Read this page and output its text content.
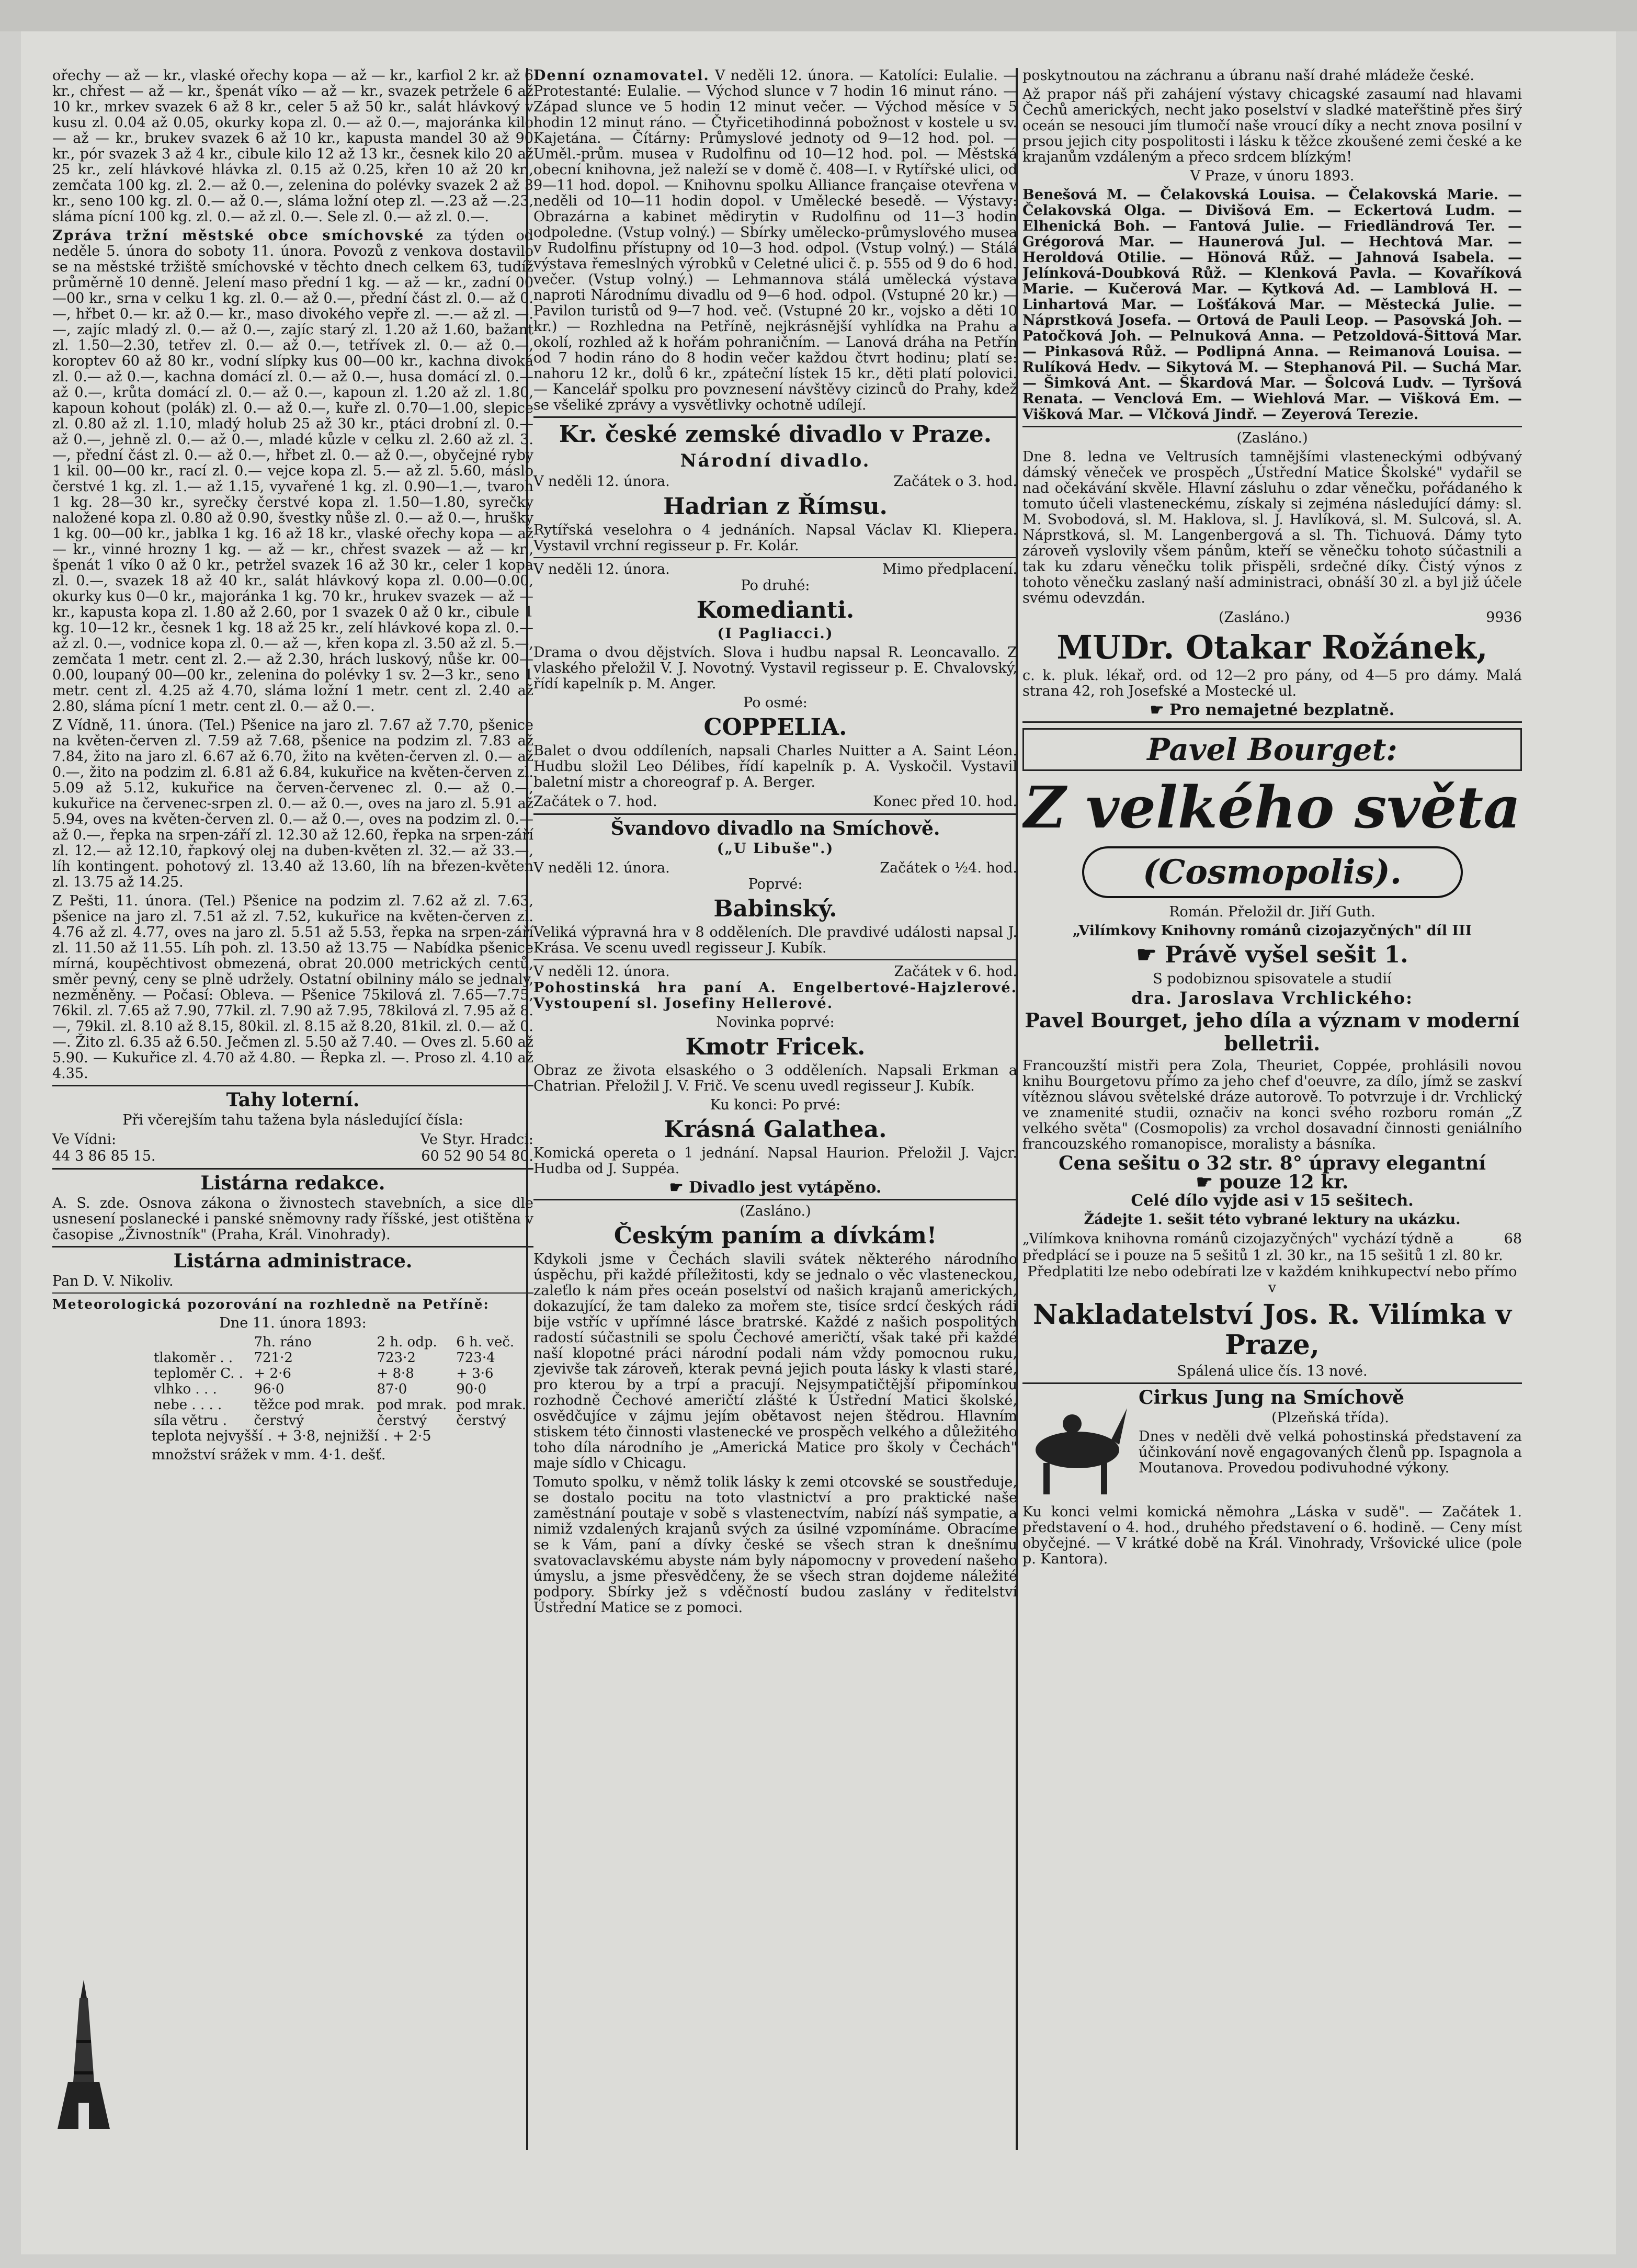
ořechy — až — kr., vlaské ořechy kopa — až — kr., karfiol 2 kr. až 6 kr., chřest — až — kr., špenát víko — až — kr., svazek petržele 6 až 10 kr., mrkev svazek 6 až 8 kr., celer 5 až 50 kr., salát hlávkový v kusu zl. 0.04 až 0.05, okurky kopa zl. 0.— až 0.—, majoránka kilo — až — kr., brukev svazek 6 až 10 kr., kapusta mandel 30 až 90 kr., pór svazek 3 až 4 kr., cibule kilo 12 až 13 kr., česnek kilo 20 až 25 kr., zelí hlávkové hlávka zl. 0.15 až 0.25, křen 10 až 20 kr., zemčata 100 kg. zl. 2.— až 0.—, zelenina do polévky svazek 2 až 3 kr., seno 100 kg. zl. 0.— až 0.—, sláma ložní otep zl. —.23 až —.23, sláma pícní 100 kg. zl. 0.— až zl. 0.—. Sele zl. 0.— až zl. 0.—.

Zpráva tržní městské obce smíchovské za týden od neděle 5. února do soboty 11. února. Povozů z venkova dostavilo se na městské tržiště smíchovské v těchto dnech celkem 63, tudíž průměrně 10 denně. Jelení maso přední 1 kg. — až — kr., zadní 00—00 kr., srna v celku 1 kg. zl. 0.— až 0.—, přední část zl. 0.— až 0.—, hřbet 0.— kr. až 0.— kr., maso divokého vepře zl. —.— až zl. —.—, zajíc mladý zl. 0.— až 0.—, zajíc starý zl. 1.20 až 1.60, bažant zl. 1.50—2.30, tetřev zl. 0.— až 0.—, tetřívek zl. 0.— až 0.—, koroptev 60 až 80 kr., vodní slípky kus 00—00 kr., kachna divoká zl. 0.— až 0.—, kachna domácí zl. 0.— až 0.—, husa domácí zl. 0.— až 0.—, krůta domácí zl. 0.— až 0.—, kapoun zl. 1.20 až zl. 1.80, kapoun kohout (polák) zl. 0.— až 0.—, kuře zl. 0.70—1.00, slepice zl. 0.80 až zl. 1.10, mladý holub 25 až 30 kr., ptáci drobní zl. 0.— až 0.—, jehně zl. 0.— až 0.—, mladé kůzle v celku zl. 2.60 až zl. 3.—, přední část zl. 0.— až 0.—, hřbet zl. 0.— až 0.—, obyčejné ryby 1 kil. 00—00 kr., rací zl. 0.— vejce kopa zl. 5.— až zl. 5.60, máslo čerstvé 1 kg. zl. 1.— až 1.15, vyvařené 1 kg. zl. 0.90—1.—, tvaroh 1 kg. 28—30 kr., syrečky čerstvé kopa zl. 1.50—1.80, syrečky naložené kopa zl. 0.80 až 0.90, švestky nůše zl. 0.— až 0.—, hrušky 1 kg. 00—00 kr., jablka 1 kg. 16 až 18 kr., vlaské ořechy kopa — až — kr., vinné hrozny 1 kg. — až — kr., chřest svazek — až — kr., špenát 1 víko 0 až 0 kr., petržel svazek 16 až 30 kr., celer 1 kopa zl. 0.—, svazek 18 až 40 kr., salát hlávkový kopa zl. 0.00—0.00, okurky kus 0—0 kr., majoránka 1 kg. 70 kr., hrukev svazek — až — kr., kapusta kopa zl. 1.80 až 2.60, por 1 svazek 0 až 0 kr., cibule 1 kg. 10—12 kr., česnek 1 kg. 18 až 25 kr., zelí hlávkové kopa zl. 0.— až zl. 0.—, vodnice kopa zl. 0.— až —, křen kopa zl. 3.50 až zl. 5.—, zemčata 1 metr. cent zl. 2.— až 2.30, hrách luskový, nůše kr. 00—0.00, loupaný 00—00 kr., zelenina do polévky 1 sv. 2—3 kr., seno 1 metr. cent zl. 4.25 až 4.70, sláma ložní 1 metr. cent zl. 2.40 až 2.80, sláma pícní 1 metr. cent zl. 0.— až 0.—.

Z Vídně, 11. února. (Tel.) Pšenice na jaro zl. 7.67 až 7.70, pšenice na květen-červen zl. 7.59 až 7.68, pšenice na podzim zl. 7.83 až 7.84, žito na jaro zl. 6.67 až 6.70, žito na květen-červen zl. 0.— až 0.—, žito na podzim zl. 6.81 až 6.84, kukuřice na květen-červen zl. 5.09 až 5.12, kukuřice na červen-červenec zl. 0.— až 0.—, kukuřice na červenec-srpen zl. 0.— až 0.—, oves na jaro zl. 5.91 až 5.94, oves na květen-červen zl. 0.— až 0.—, oves na podzim zl. 0.— až 0.—, řepka na srpen-září zl. 12.30 až 12.60, řepka na srpen-září zl. 12.— až 12.10, řapkový olej na duben-květen zl. 32.— až 33.—, líh kontingent. pohotový zl. 13.40 až 13.60, líh na březen-květen zl. 13.75 až 14.25.

Z Pešti, 11. února. (Tel.) Pšenice na podzim zl. 7.62 až zl. 7.63, pšenice na jaro zl. 7.51 až zl. 7.52, kukuřice na květen-červen zl. 4.76 až zl. 4.77, oves na jaro zl. 5.51 až 5.53, řepka na srpen-září zl. 11.50 až 11.55. Líh poh. zl. 13.50 až 13.75 — Nabídka pšenice mírná, koupěchtivost obmezená, obrat 20.000 metrických centů, směr pevný, ceny se plně udržely. Ostatní obilniny málo se jednaly, nezměněny. — Počasí: Obleva. — Pšenice 75kilová zl. 7.65—7.75, 76kil. zl. 7.65 až 7.90, 77kil. zl. 7.90 až 7.95, 78kilová zl. 7.95 až 8.—, 79kil. zl. 8.10 až 8.15, 80kil. zl. 8.15 až 8.20, 81kil. zl. 0.— až 0.—. Žito zl. 6.35 až 6.50. Ječmen zl. 5.50 až 7.40. — Oves zl. 5.60 až 5.90. — Kukuřice zl. 4.70 až 4.80. — Řepka zl. —. Proso zl. 4.10 až 4.35.

Tahy loterní.

Při včerejším tahu tažena byla následující čísla:

Ve Vídni:	Ve Styr. Hradci:
44 3 86 85 15.	60 52 90 54 80.
Listárna redakce.

A. S. zde. Osnova zákona o živnostech stavebních, a sice dle usnesení poslanecké i panské sněmovny rady říšské, jest otištěna v časopise „Živnostník" (Praha, Král. Vinohrady).

Listárna administrace.

Pan D. V. Nikoliv.

Meteorologická pozorování na rozhledně na Petříně:

Dne 11. února 1893:

	7h. ráno	2 h. odp.	6 h. več.
tlakoměr . .	721·2	723·2	723·4
teploměr C. .	+ 2·6	+ 8·8	+ 3·6
vlhko . . .	96·0	87·0	90·0
nebe . . . .	těžce pod mrak.	pod mrak.	pod mrak.
síla větru .	čerstvý	čerstvý	čerstvý

teplota nejvyšší . + 3·8, nejnižší . + 2·5

množství srážek v mm. 4·1. dešť.

Denní oznamovatel. V neděli 12. února. — Katolíci: Eulalie. — Protestanté: Eulalie. — Východ slunce v 7 hodin 16 minut ráno. — Západ slunce ve 5 hodin 12 minut večer. — Východ měsíce v 5 hodin 12 minut ráno. — Čtyřicetihodinná pobožnost v kostele u sv. Kajetána. — Čítárny: Průmyslové jednoty od 9—12 hod. pol. — Uměl.-prům. musea v Rudolfinu od 10—12 hod. pol. — Městská obecní knihovna, jež naleží se v domě č. 408—I. v Rytířské ulici, od 9—11 hod. dopol. — Knihovnu spolku Alliance française otevřena v neděli od 10—11 hodin dopol. v Umělecké besedě. — Výstavy: Obrazárna a kabinet mědirytin v Rudolfinu od 11—3 hodin odpoledne. (Vstup volný.) — Sbírky umělecko-průmyslového musea v Rudolfinu přístupny od 10—3 hod. odpol. (Vstup volný.) — Stálá výstava řemeslných výrobků v Celetné ulici č. p. 555 od 9 do 6 hod. večer. (Vstup volný.) — Lehmannova stálá umělecká výstava naproti Národnímu divadlu od 9—6 hod. odpol. (Vstupné 20 kr.) — Pavilon turistů od 9—7 hod. več. (Vstupné 20 kr., vojsko a děti 10 kr.) — Rozhledna na Petříně, nejkrásnější vyhlídka na Prahu a okolí, rozhled až k hořám pohraničním. — Lanová dráha na Petřín od 7 hodin ráno do 8 hodin večer každou čtvrt hodinu; platí se: nahoru 12 kr., dolů 6 kr., zpáteční lístek 15 kr., děti platí polovici. — Kancelář spolku pro povznesení návštěvy cizinců do Prahy, kdež se všeliké zprávy a vysvětlivky ochotně udílejí.

Kr. české zemské divadlo v Praze.
Národní divadlo.
V neděli 12. února.	Začátek o 3. hod.
Hadrian z Římsu.

Rytířská veselohra o 4 jednáních. Napsal Václav Kl. Kliepera. Vystavil vrchní regisseur p. Fr. Kolár.

V neděli 12. února.	Mimo předplacení.

Po druhé:

Komedianti.

(I Pagliacci.)

Drama o dvou dějstvích. Slova i hudbu napsal R. Leoncavallo. Z vlaského přeložil V. J. Novotný. Vystavil regisseur p. E. Chvalovský, řídí kapelník p. M. Anger.

Po osmé:

COPPELIA.

Balet o dvou oddíleních, napsali Charles Nuitter a A. Saint Léon. Hudbu složil Leo Délibes, řídí kapelník p. A. Vyskočil. Vystavil baletní mistr a choreograf p. A. Berger.

Začátek o 7. hod.	Konec před 10. hod.
Švandovo divadlo na Smíchově.

(„U Libuše".)

V neděli 12. února.	Začátek o ½4. hod.

Poprvé:

Babinský.

Veliká výpravná hra v 8 odděleních. Dle pravdivé události napsal J. Krása. Ve scenu uvedl regisseur J. Kubík.

V neděli 12. února.	Začátek v 6. hod.

Pohostinská hra paní A. Engelbertové-Hajzlerové. Vystoupení sl. Josefiny Hellerové.

Novinka poprvé:

Kmotr Fricek.

Obraz ze života elsaského o 3 odděleních. Napsali Erkman a Chatrian. Přeložil J. V. Frič. Ve scenu uvedl regisseur J. Kubík.

Ku konci: Po prvé:

Krásná Galathea.

Komická opereta o 1 jednání. Napsal Haurion. Přeložil J. Vajcr. Hudba od J. Suppéa.

☛ Divadlo jest vytápěno.

(Zasláno.)

Českým paním a dívkám!

Kdykoli jsme v Čechách slavili svátek některého národního úspěchu, při každé příležitosti, kdy se jednalo o věc vlasteneckou, zaleťlo k nám přes oceán poselství od našich krajanů amerických, dokazující, že tam daleko za mořem ste, tisíce srdcí českých rádi bije vstříc v upřímné lásce bratrské. Každé z našich pospolitých radostí súčastnili se spolu Čechové američtí, však také při každé naší klopotné práci národní podali nám vždy pomocnou ruku, zjevivše tak zároveň, kterak pevná jejich pouta lásky k vlasti staré, pro kterou by a trpí a pracují. Nejsympatičtější připomínkou rozhodně Čechové američtí zlášté k Ústřední Matici školské, osvědčujíce v zájmu jejím obětavost nejen štědrou. Hlavním stiskem této činnosti vlastenecké ve prospěch velkého a důležitého toho díla národního je „Americká Matice pro školy v Čechách" maje sídlo v Chicagu.

Tomuto spolku, v němž tolik lásky k zemi otcovské se soustředuje, se dostalo pocitu na toto vlastnictví a pro praktické naše zaměstnání poutaje v sobě s vlastenectvím, nabízí náš sympatie, a nimiž vzdalených krajanů svých za úsilné vzpomínáme. Obracíme se k Vám, paní a dívky české se všech stran k dnešnímu svatovaclavskému abyste nám byly nápomocny v provedení našeho úmyslu, a jsme přesvědčeny, že se všech stran dojdeme náležité podpory. Sbírky jež s vděčností budou zaslány v ředitelství Ústřední Matice se z pomoci.

poskytnoutou na záchranu a úbranu naší drahé mládeže české.

Až prapor náš při zahájení výstavy chicagské zasaumí nad hlavami Čechů amerických, necht jako poselství v sladké mateřštině přes širý oceán se nesouci jím tlumočí naše vroucí díky a necht znova posilní v prsou jejich city pospolitosti i lásku k těžce zkoušené zemi české a ke krajanům vzdáleným a přeco srdcem blízkým!

V Praze, v únoru 1893.

Benešová M. — Čelakovská Louisa. — Čelakovská Marie. — Čelakovská Olga. — Divišová Em. — Eckertová Ludm. — Elhenická Boh. — Fantová Julie. — Friedländrová Ter. — Grégorová Mar. — Haunerová Jul. — Hechtová Mar. — Heroldová Otilie. — Hönová Růž. — Jahnová Isabela. — Jelínková-Doubková Růž. — Klenková Pavla. — Kovaříková Marie. — Kučerová Mar. — Kytková Ad. — Lamblová H. — Linhartová Mar. — Lošťáková Mar. — Městecká Julie. — Náprstková Josefa. — Ortová de Pauli Leop. — Pasovská Joh. — Patočková Joh. — Pelnuková Anna. — Petzoldová-Šittová Mar. — Pinkasová Růž. — Podlipná Anna. — Reimanová Louisa. — Rulíková Hedv. — Sikytová M. — Stephanová Pil. — Suchá Mar. — Šimková Ant. — Škardová Mar. — Šolcová Ludv. — Tyršová Renata. — Venclová Em. — Wiehlová Mar. — Višková Em. — Višková Mar. — Vlčková Jindř. — Zeyerová Terezie.

(Zasláno.)

Dne 8. ledna ve Veltrusích tamnějšími vlasteneckými odbývaný dámský věneček ve prospěch „Ústřední Matice Školské" vydařil se nad očekávání skvěle. Hlavní zásluhu o zdar věnečku, pořádaného k tomuto účeli vlasteneckému, získaly si zejména následující dámy: sl. M. Svobodová, sl. M. Haklova, sl. J. Havlíková, sl. M. Sulcová, sl. A. Náprstková, sl. M. Langenbergová a sl. Th. Tichuová. Dámy tyto zároveň vyslovily všem pánům, kteří se věnečku tohoto súčastnili a tak ku zdaru věnečku tolik přispěli, srdečné díky. Čistý výnos z tohoto věnečku zaslaný naší administraci, obnáší 30 zl. a byl již účele svému odevzdán.

(Zasláno.)	9936
MUDr. Otakar Rožánek,

c. k. pluk. lékař, ord. od 12—2 pro pány, od 4—5 pro dámy. Malá strana 42, roh Josefské a Mostecké ul.

☛ Pro nemajetné bezplatně.

Pavel Bourget:
Z velkého světa
(Cosmopolis).

Román. Přeložil dr. Jiří Guth.

„Vilímkovy Knihovny románů cizojazyčných" díl III

☛ Právě vyšel sešit 1.

S podobiznou spisovatele a studií

dra. Jaroslava Vrchlického:

Pavel Bourget, jeho díla a význam v moderní belletrii.

Francouzští mistři pera Zola, Theuriet, Coppée, prohlásili novou knihu Bourgetovu přímo za jeho chef d'oeuvre, za dílo, jímž se zaskví vítěznou slávou světelské dráze autorově. To potvrzuje i dr. Vrchlický ve znamenité studii, označiv na konci svého rozboru román „Z velkého světa" (Cosmopolis) za vrchol dosavadní činnosti geniálního francouzského romanopisce, moralisty a básníka.

Cena sešitu o 32 str. 8° úpravy elegantní

☛ pouze 12 kr.

Celé dílo vyjde asi v 15 sešitech.

Žádejte 1. sešit této vybrané lektury na ukázku.

„Vilímkova knihovna románů cizojazyčných" vychází týdně a předplácí se i pouze na 5 sešitů 1 zl. 30 kr., na 15 sešitů 1 zl. 80 kr.
68

Předplatiti lze nebo odebírati lze v každém knihkupectví nebo přímo v

Nakladatelství Jos. R. Vilímka v Praze,

Spálená ulice čís. 13 nové.

Cirkus Jung na Smíchově

(Plzeňská třída).

Dnes v neděli dvě velká pohostinská představení za účinkování nově engagovaných členů pp. Ispagnola a Moutanova. Provedou podivuhodné výkony.

Ku konci velmi komická němohra „Láska v sudě". — Začátek 1. představení o 4. hod., druhého představení o 6. hodině. — Ceny míst obyčejné. — V krátké době na Král. Vinohrady, Vršovické ulice (pole p. Kantora).
